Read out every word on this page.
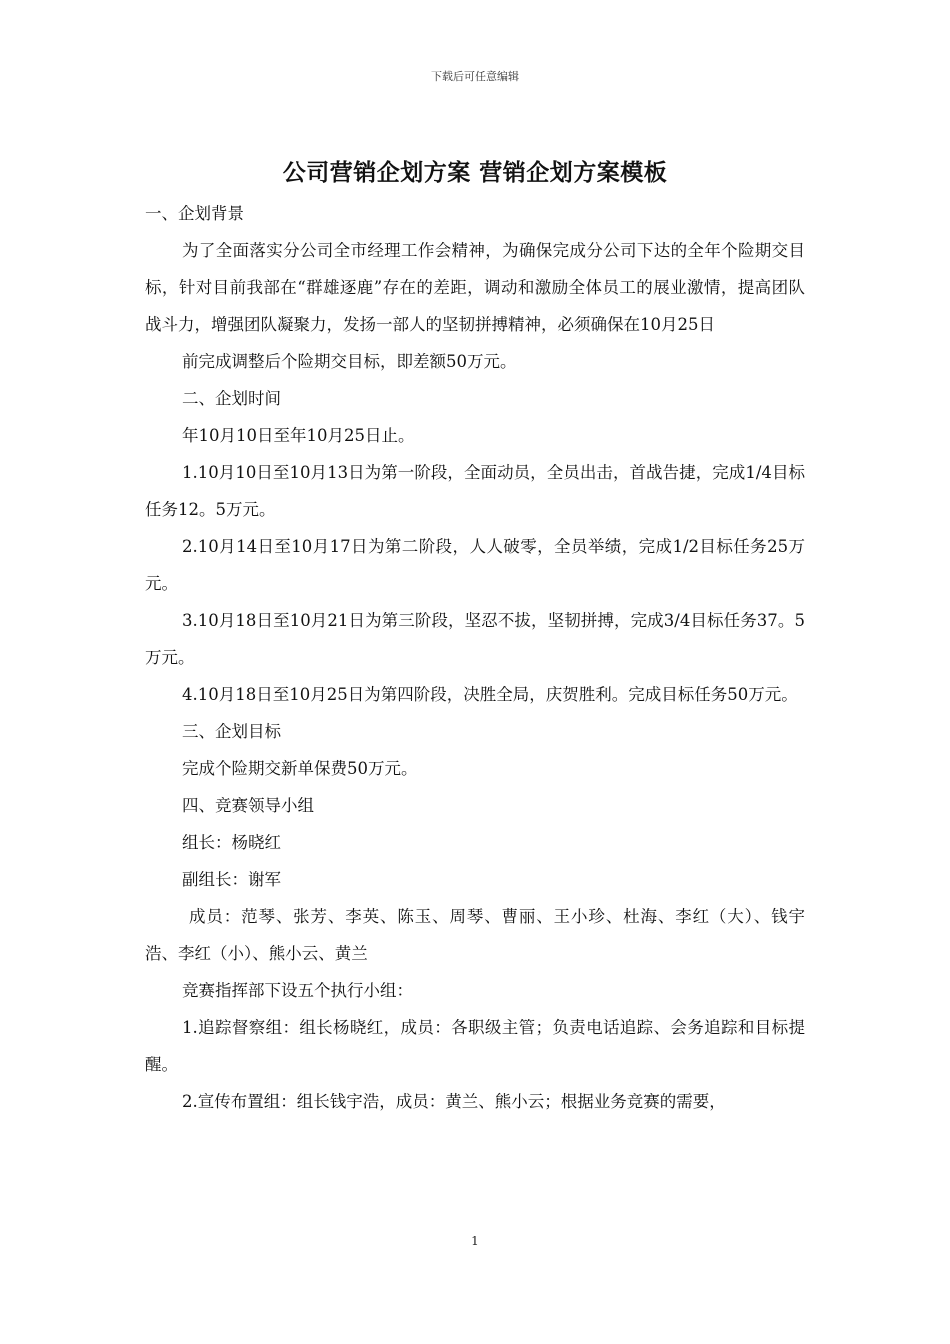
下载后可任意编辑
公司营销企划方案 营销企划方案模板

一、企划背景

为了全面落实分公司全市经理工作会精神，为确保完成分公司下达的全年个险期交目标，针对目前我部在“群雄逐鹿”存在的差距，调动和激励全体员工的展业激情，提高团队战斗力，增强团队凝聚力，发扬一部人的坚韧拼搏精神，必须确保在10月25日

前完成调整后个险期交目标，即差额50万元。

二、企划时间

年10月10日至年10月25日止。

1.10月10日至10月13日为第一阶段，全面动员，全员出击，首战告捷，完成1/4目标任务12。5万元。

2.10月14日至10月17日为第二阶段，人人破零，全员举绩，完成1/2目标任务25万元。

3.10月18日至10月21日为第三阶段，坚忍不拔，坚韧拼搏，完成3/4目标任务37。5万元。

4.10月18日至10月25日为第四阶段，决胜全局，庆贺胜利。完成目标任务50万元。

三、企划目标

完成个险期交新单保费50万元。

四、竞赛领导小组

组长：杨晓红

副组长：谢军

成员：范琴、张芳、李英、陈玉、周琴、曹丽、王小珍、杜海、李红（大）、钱宇浩、李红（小）、熊小云、黄兰

竞赛指挥部下设五个执行小组：

1.追踪督察组：组长杨晓红，成员：各职级主管；负责电话追踪、会务追踪和目标提醒。

2.宣传布置组：组长钱宇浩，成员：黄兰、熊小云；根据业务竞赛的需要，

1
